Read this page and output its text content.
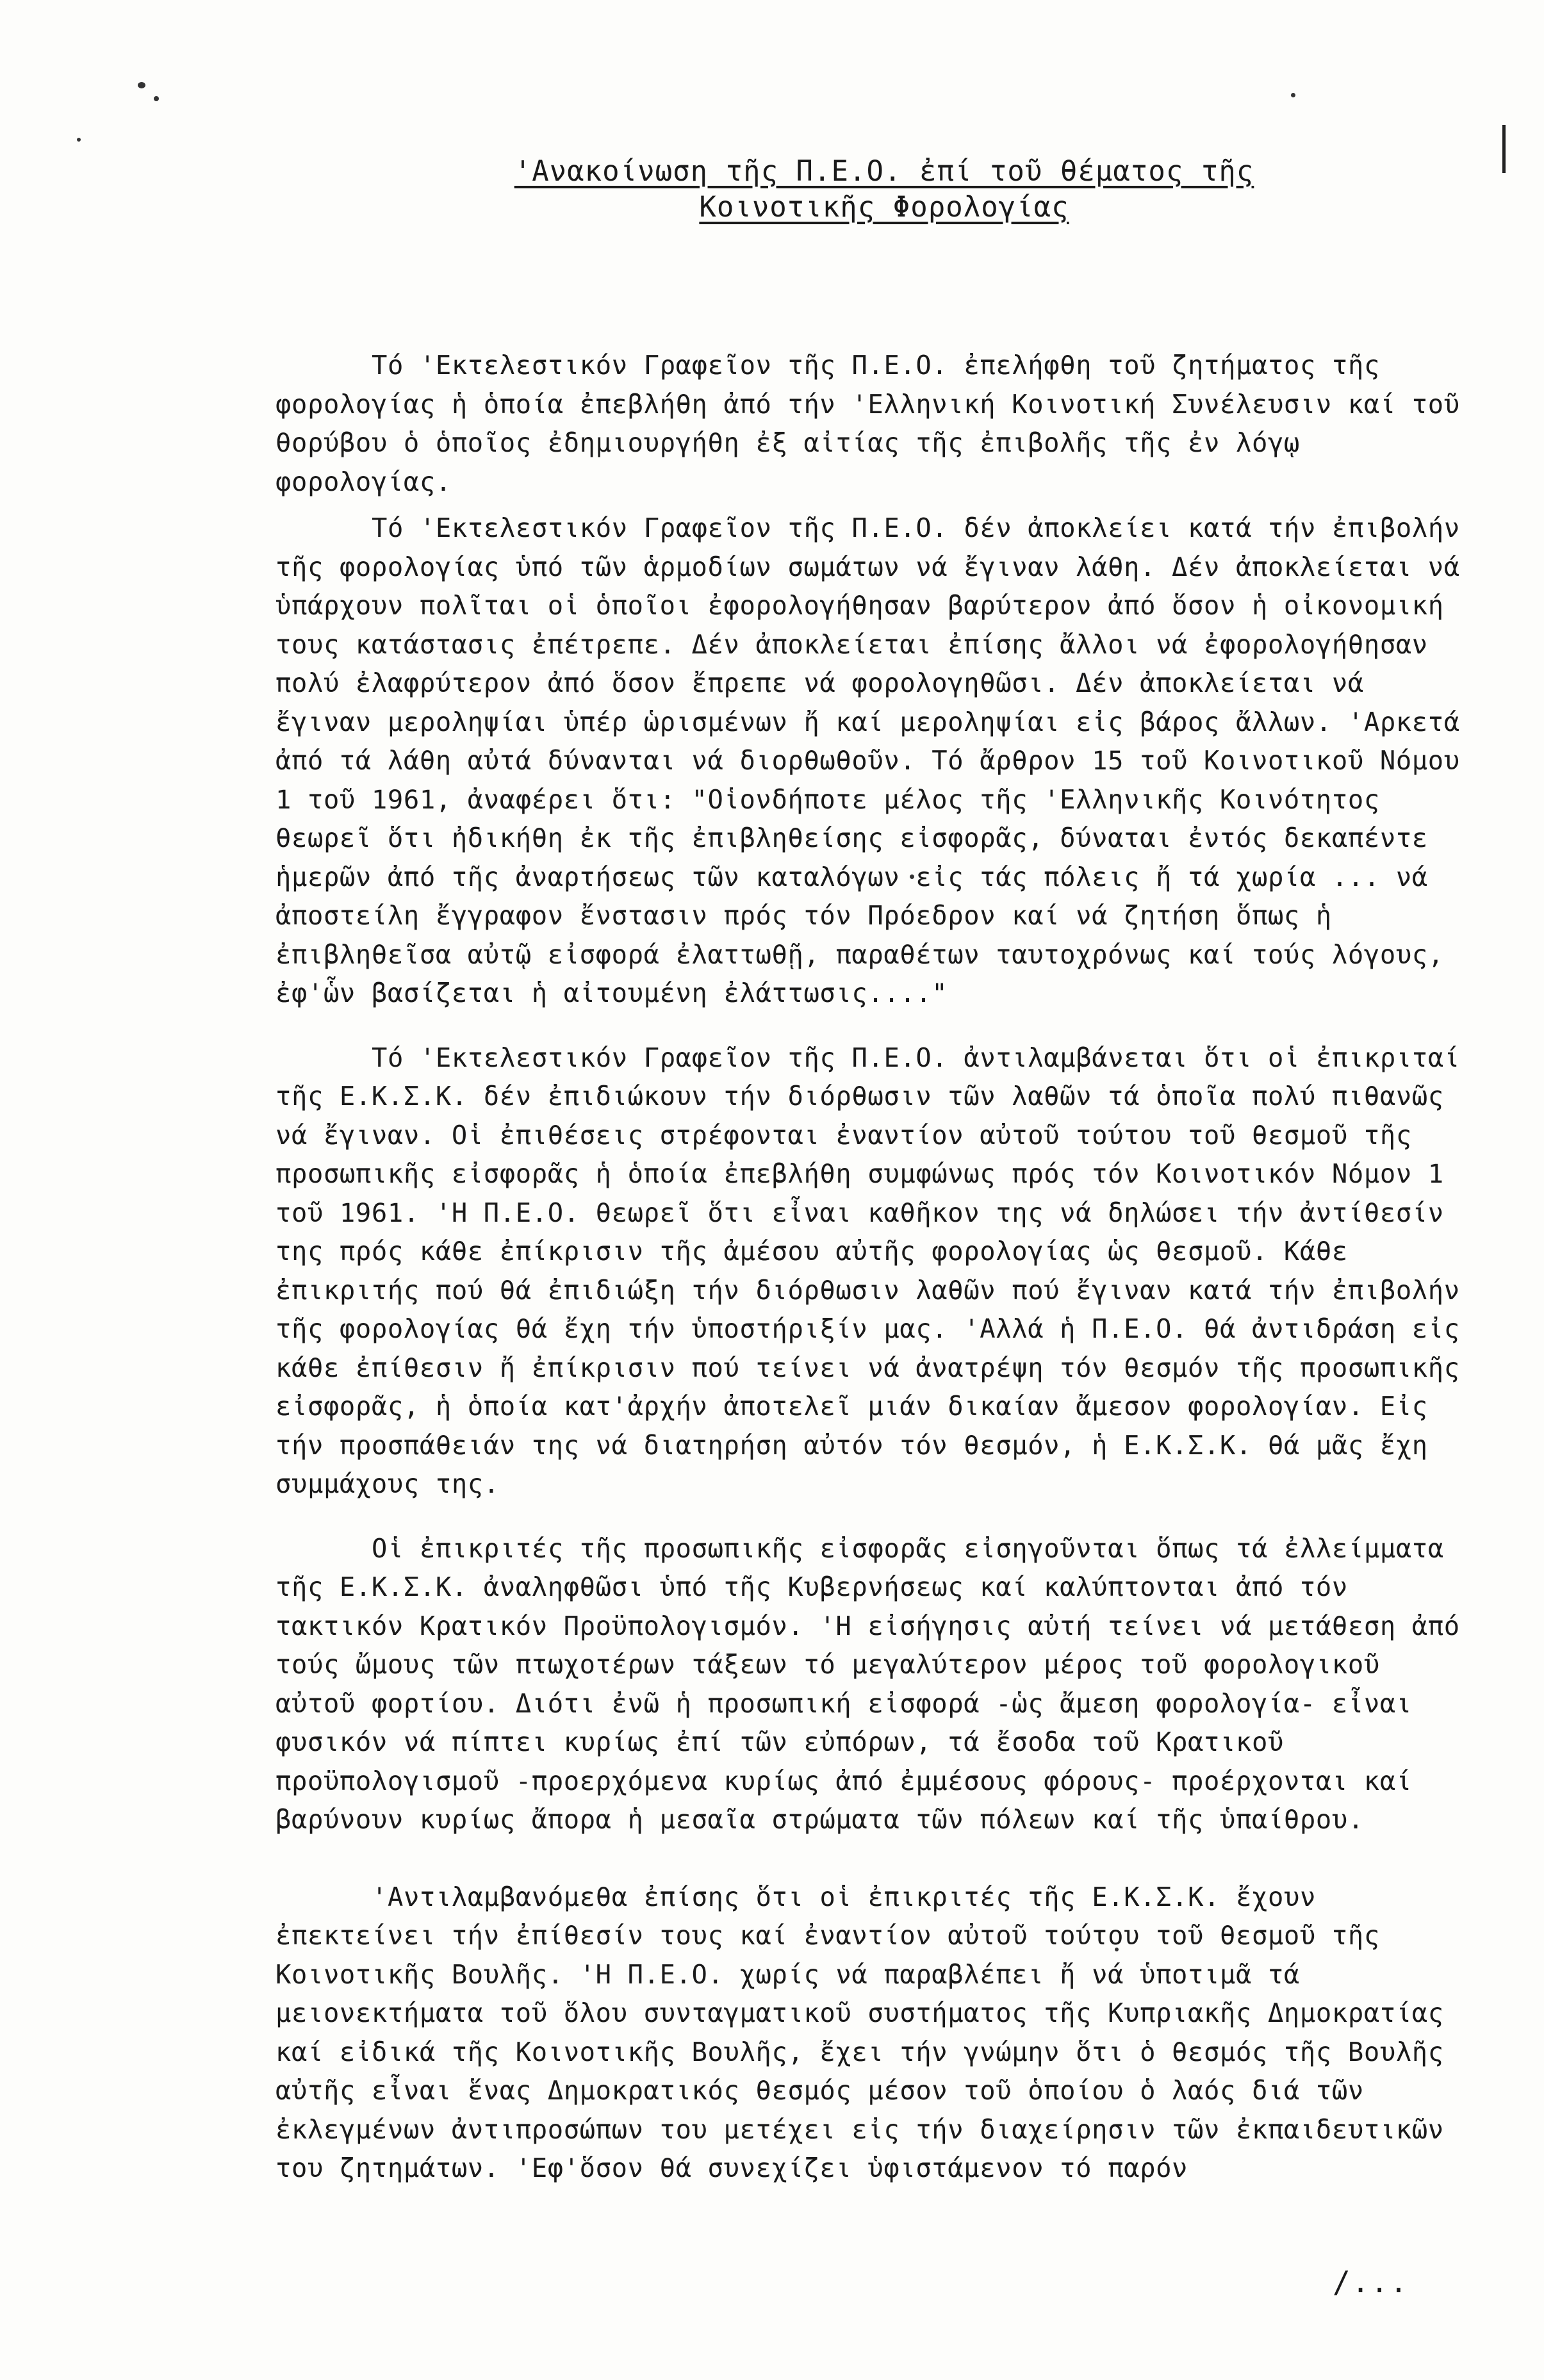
'Ανακοίνωση τῆς Π.Ε.Ο. ἐπί τοῦ θέματος τῆς
Κοινοτικῆς Φορολογίας

Τό 'Εκτελεστικόν Γραφεῖον τῆς Π.Ε.Ο. ἐπελήφθη τοῦ ζητήματος τῆς φορολογίας ἡ ὁποία ἐπεβλήθη ἀπό τήν 'Ελληνική Κοινοτική Συνέλευσιν καί τοῦ θορύβου ὁ ὁποῖος ἐδημιουργήθη ἐξ αἰτίας τῆς ἐπιβολῆς τῆς ἐν λόγῳ φορολογίας.

Τό 'Εκτελεστικόν Γραφεῖον τῆς Π.Ε.Ο. δέν ἀποκλείει κατά τήν ἐπιβολήν τῆς φορολογίας ὑπό τῶν ἁρμοδίων σωμάτων νά ἔγιναν λάθη. Δέν ἀποκλείεται νά ὑπάρχουν πολῖται οἱ ὁποῖοι ἐφορολογήθησαν βαρύτερον ἀπό ὅσον ἡ οἰκονομική τους κατάστασις ἐπέτρεπε. Δέν ἀποκλείεται ἐπίσης ἄλλοι νά ἐφορολογήθησαν πολύ ἐλαφρύτερον ἀπό ὅσον ἔπρεπε νά φορολογηθῶσι. Δέν ἀποκλείεται νά ἔγιναν μεροληψίαι ὑπέρ ὡρισμένων ἤ καί μεροληψίαι εἰς βάρος ἄλλων. 'Αρκετά ἀπό τά λάθη αὐτά δύνανται νά διορθωθοῦν. Τό ἄρθρον 15 τοῦ Κοινοτικοῦ Νόμου 1 τοῦ 1961, ἀναφέρει ὅτι: "Οἱονδήποτε μέλος τῆς 'Ελληνικῆς Κοινότητος θεωρεῖ ὅτι ἠδικήθη ἐκ τῆς ἐπιβληθείσης εἰσφορᾶς, δύναται ἐντός δεκαπέντε ἡμερῶν ἀπό τῆς ἀναρτήσεως τῶν καταλόγων εἰς τάς πόλεις ἤ τά χωρία ... νά ἀποστείλη ἔγγραφον ἔνστασιν πρός τόν Πρόεδρον καί νά ζητήση ὅπως ἡ ἐπιβληθεῖσα αὐτῷ εἰσφορά ἐλαττωθῇ, παραθέτων ταυτοχρόνως καί τούς λόγους, ἐφ'ὧν βασίζεται ἡ αἰτουμένη ἐλάττωσις...."

Τό 'Εκτελεστικόν Γραφεῖον τῆς Π.Ε.Ο. ἀντιλαμβάνεται ὅτι οἱ ἐπικριταί τῆς Ε.Κ.Σ.Κ. δέν ἐπιδιώκουν τήν διόρθωσιν τῶν λαθῶν τά ὁποῖα πολύ πιθανῶς νά ἔγιναν. Οἱ ἐπιθέσεις στρέφονται ἐναντίον αὐτοῦ τούτου τοῦ θεσμοῦ τῆς προσωπικῆς εἰσφορᾶς ἡ ὁποία ἐπεβλήθη συμφώνως πρός τόν Κοινοτικόν Νόμον 1 τοῦ 1961. 'Η Π.Ε.Ο. θεωρεῖ ὅτι εἶναι καθῆκον της νά δηλώσει τήν ἀντίθεσίν της πρός κάθε ἐπίκρισιν τῆς ἀμέσου αὐτῆς φορολογίας ὡς θεσμοῦ. Κάθε ἐπικριτής πού θά ἐπιδιώξη τήν διόρθωσιν λαθῶν πού ἔγιναν κατά τήν ἐπιβολήν τῆς φορολογίας θά ἔχη τήν ὑποστήριξίν μας. 'Αλλά ἡ Π.Ε.Ο. θά ἀντιδράση εἰς κάθε ἐπίθεσιν ἤ ἐπίκρισιν πού τείνει νά ἀνατρέψη τόν θεσμόν τῆς προσωπικῆς εἰσφορᾶς, ἡ ὁποία κατ'ἀρχήν ἀποτελεῖ μιάν δικαίαν ἄμεσον φορολογίαν. Εἰς τήν προσπάθειάν της νά διατηρήση αὐτόν τόν θεσμόν, ἡ Ε.Κ.Σ.Κ. θά μᾶς ἔχη συμμάχους της.

Οἱ ἐπικριτές τῆς προσωπικῆς εἰσφορᾶς εἰσηγοῦνται ὅπως τά ἐλλείμματα τῆς Ε.Κ.Σ.Κ. ἀναληφθῶσι ὑπό τῆς Κυβερνήσεως καί καλύπτονται ἀπό τόν τακτικόν Κρατικόν Προϋπολογισμόν. 'Η εἰσήγησις αὐτή τείνει νά μετάθεση ἀπό τούς ὤμους τῶν πτωχοτέρων τάξεων τό μεγαλύτερον μέρος τοῦ φορολογικοῦ αὐτοῦ φορτίου. Διότι ἐνῶ ἡ προσωπική εἰσφορά -ὡς ἄμεση φορολογία- εἶναι φυσικόν νά πίπτει κυρίως ἐπί τῶν εὐπόρων, τά ἔσοδα τοῦ Κρατικοῦ προϋπολογισμοῦ -προερχόμενα κυρίως ἀπό ἐμμέσους φόρους- προέρχονται καί βαρύνουν κυρίως ἄπορα ἡ μεσαῖα στρώματα τῶν πόλεων καί τῆς ὑπαίθρου.

'Αντιλαμβανόμεθα ἐπίσης ὅτι οἱ ἐπικριτές τῆς Ε.Κ.Σ.Κ. ἔχουν ἐπεκτείνει τήν ἐπίθεσίν τους καί ἐναντίον αὐτοῦ τούτου τοῦ θεσμοῦ τῆς Κοινοτικῆς Βουλῆς. 'Η Π.Ε.Ο. χωρίς νά παραβλέπει ἤ νά ὑποτιμᾶ τά μειονεκτήματα τοῦ ὅλου συνταγματικοῦ συστήματος τῆς Κυπριακῆς Δημοκρατίας καί εἰδικά τῆς Κοινοτικῆς Βουλῆς, ἔχει τήν γνώμην ὅτι ὁ θεσμός τῆς Βουλῆς αὐτῆς εἶναι ἕνας Δημοκρατικός θεσμός μέσον τοῦ ὁποίου ὁ λαός διά τῶν ἐκλεγμένων ἀντιπροσώπων του μετέχει εἰς τήν διαχείρησιν τῶν ἐκπαιδευτικῶν του ζητημάτων. 'Εφ'ὅσον θά συνεχίζει ὑφιστάμενον τό παρόν

/...
